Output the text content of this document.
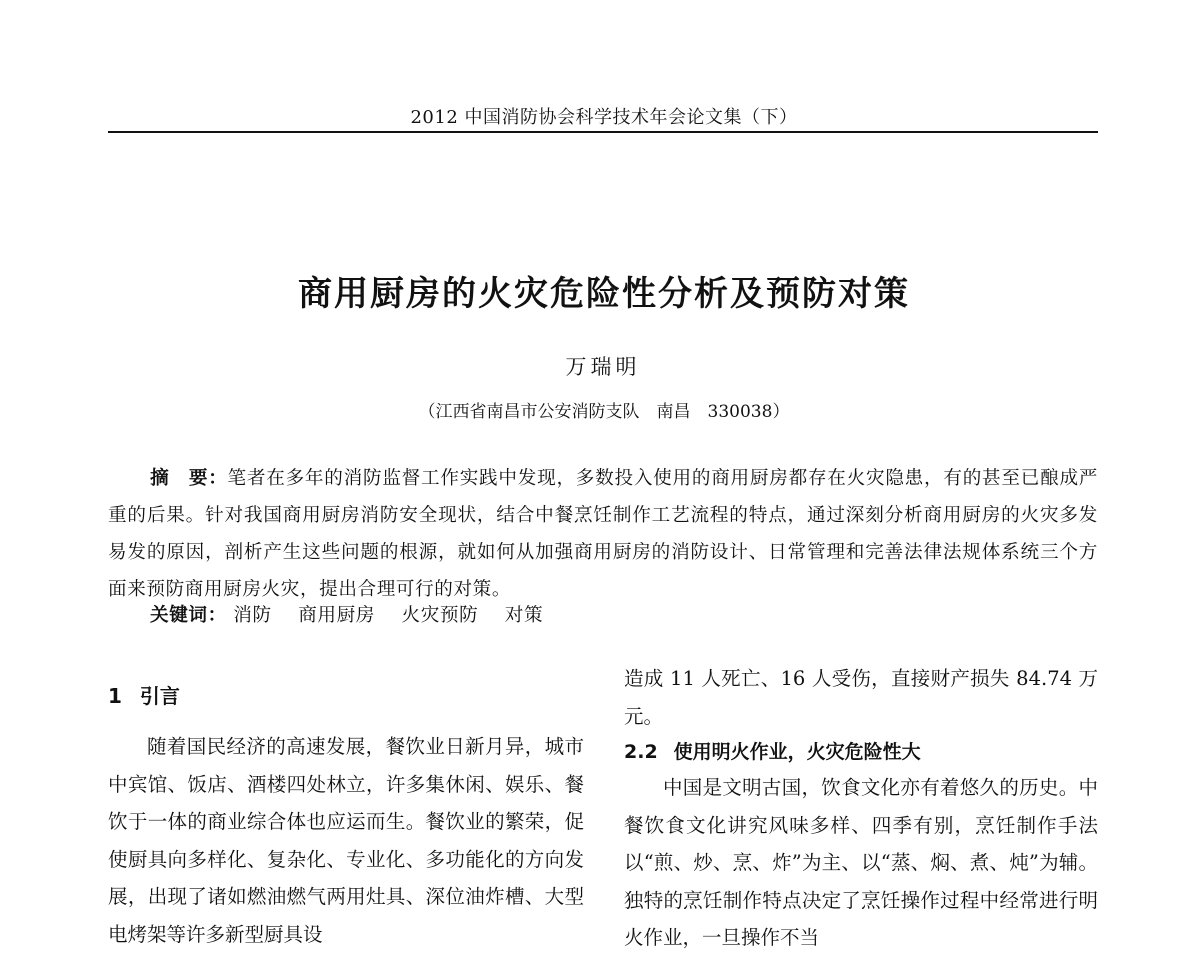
2012 中国消防协会科学技术年会论文集（下）
商用厨房的火灾危险性分析及预防对策
万瑞明
（江西省南昌市公安消防支队　南昌　330038）
摘　要：笔者在多年的消防监督工作实践中发现，多数投入使用的商用厨房都存在火灾隐患，有的甚至已酿成严重的后果。针对我国商用厨房消防安全现状，结合中餐烹饪制作工艺流程的特点，通过深刻分析商用厨房的火灾多发易发的原因，剖析产生这些问题的根源，就如何从加强商用厨房的消防设计、日常管理和完善法律法规体系统三个方面来预防商用厨房火灾，提出合理可行的对策。
关键词： 消防 商用厨房 火灾预防 对策
1 引言

随着国民经济的高速发展，餐饮业日新月异，城市中宾馆、饭店、酒楼四处林立，许多集休闲、娱乐、餐饮于一体的商业综合体也应运而生。餐饮业的繁荣，促使厨具向多样化、复杂化、专业化、多功能化的方向发展，出现了诸如燃油燃气两用灶具、深位油炸槽、大型电烤架等许多新型厨具设

造成 11 人死亡、16 人受伤，直接财产损失 84.74 万元。

2.2 使用明火作业，火灾危险性大

中国是文明古国，饮食文化亦有着悠久的历史。中餐饮食文化讲究风味多样、四季有别，烹饪制作手法以“煎、炒、烹、炸”为主、以“蒸、焖、煮、炖”为辅。独特的烹饪制作特点决定了烹饪操作过程中经常进行明火作业，一旦操作不当
